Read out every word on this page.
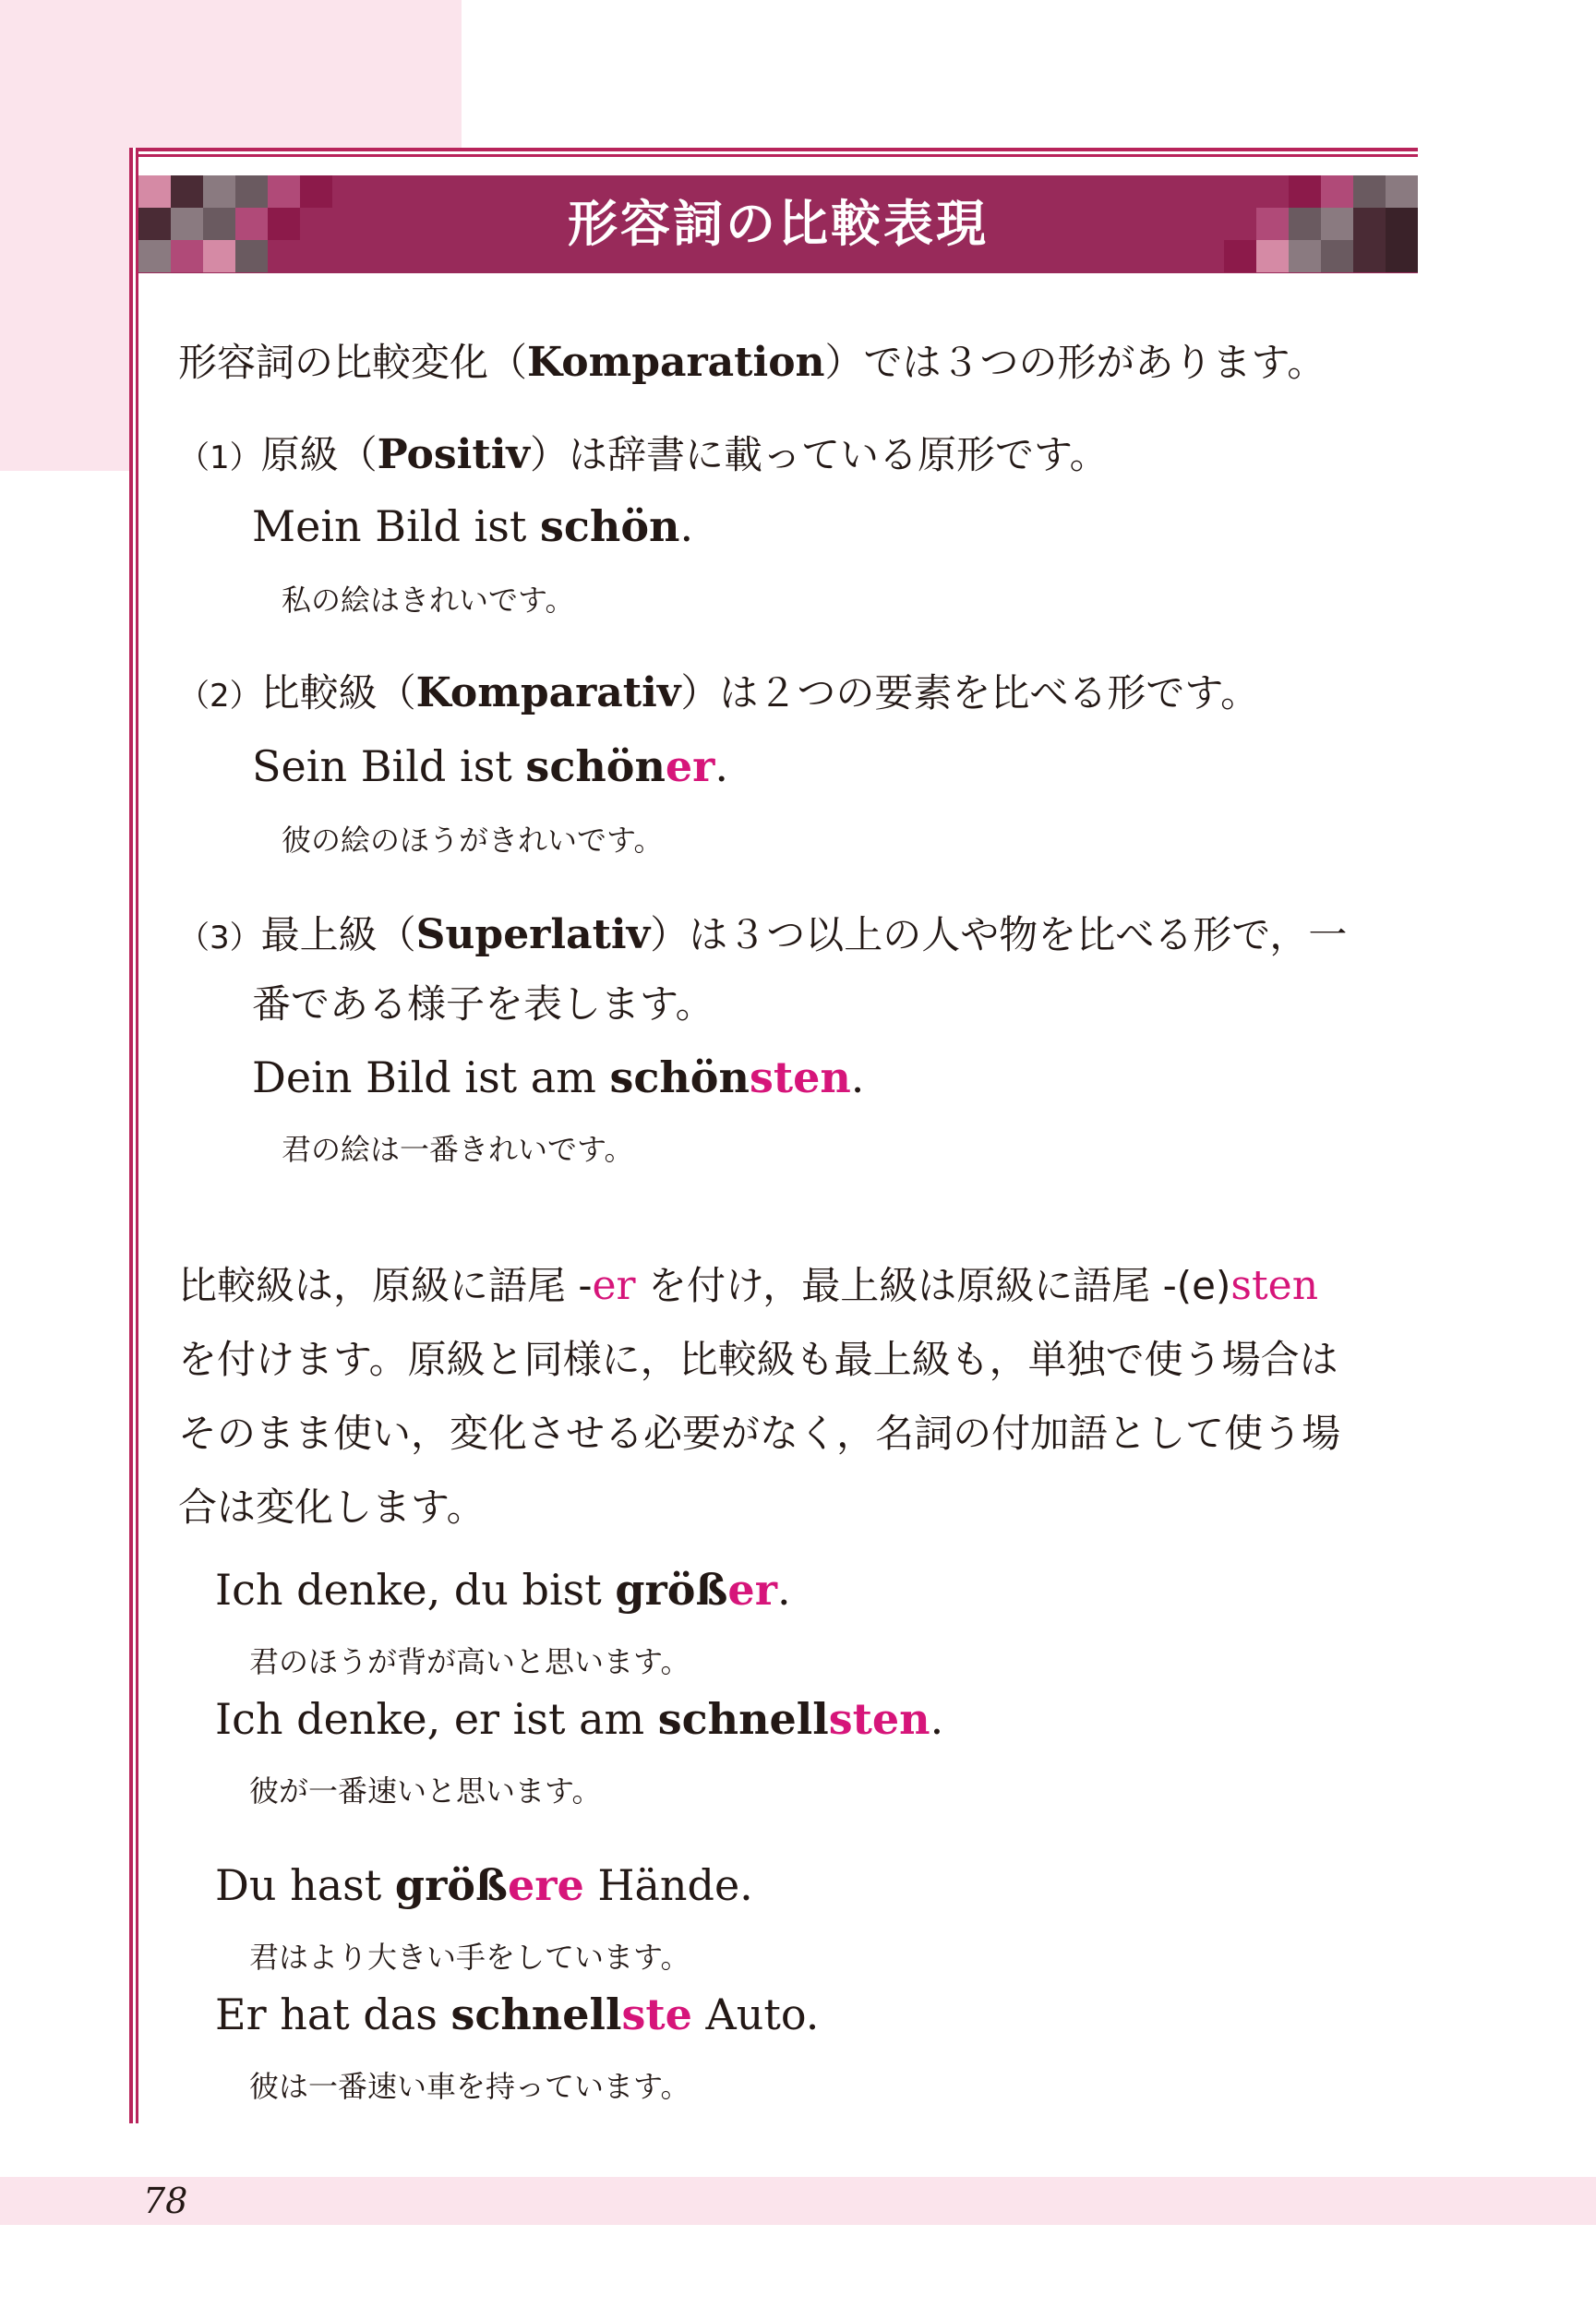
78
形容詞の比較表現
形容詞の比較変化（Komparation）では３つの形があります。
（1）原級（Positiv）は辞書に載っている原形です。
Mein Bild ist schön.
私の絵はきれいです。
（2）比較級（Komparativ）は２つの要素を比べる形です。
Sein Bild ist schöner.
彼の絵のほうがきれいです。
（3）最上級（Superlativ）は３つ以上の人や物を比べる形で，一
番である様子を表します。
Dein Bild ist am schönsten.
君の絵は一番きれいです。
比較級は，原級に語尾 -er を付け，最上級は原級に語尾 -(e)sten
を付けます。原級と同様に，比較級も最上級も，単独で使う場合は
そのまま使い，変化させる必要がなく，名詞の付加語として使う場
合は変化します。
Ich denke, du bist größer.
君のほうが背が高いと思います。
Ich denke, er ist am schnellsten.
彼が一番速いと思います。
Du hast größere Hände.
君はより大きい手をしています。
Er hat das schnellste Auto.
彼は一番速い車を持っています。
